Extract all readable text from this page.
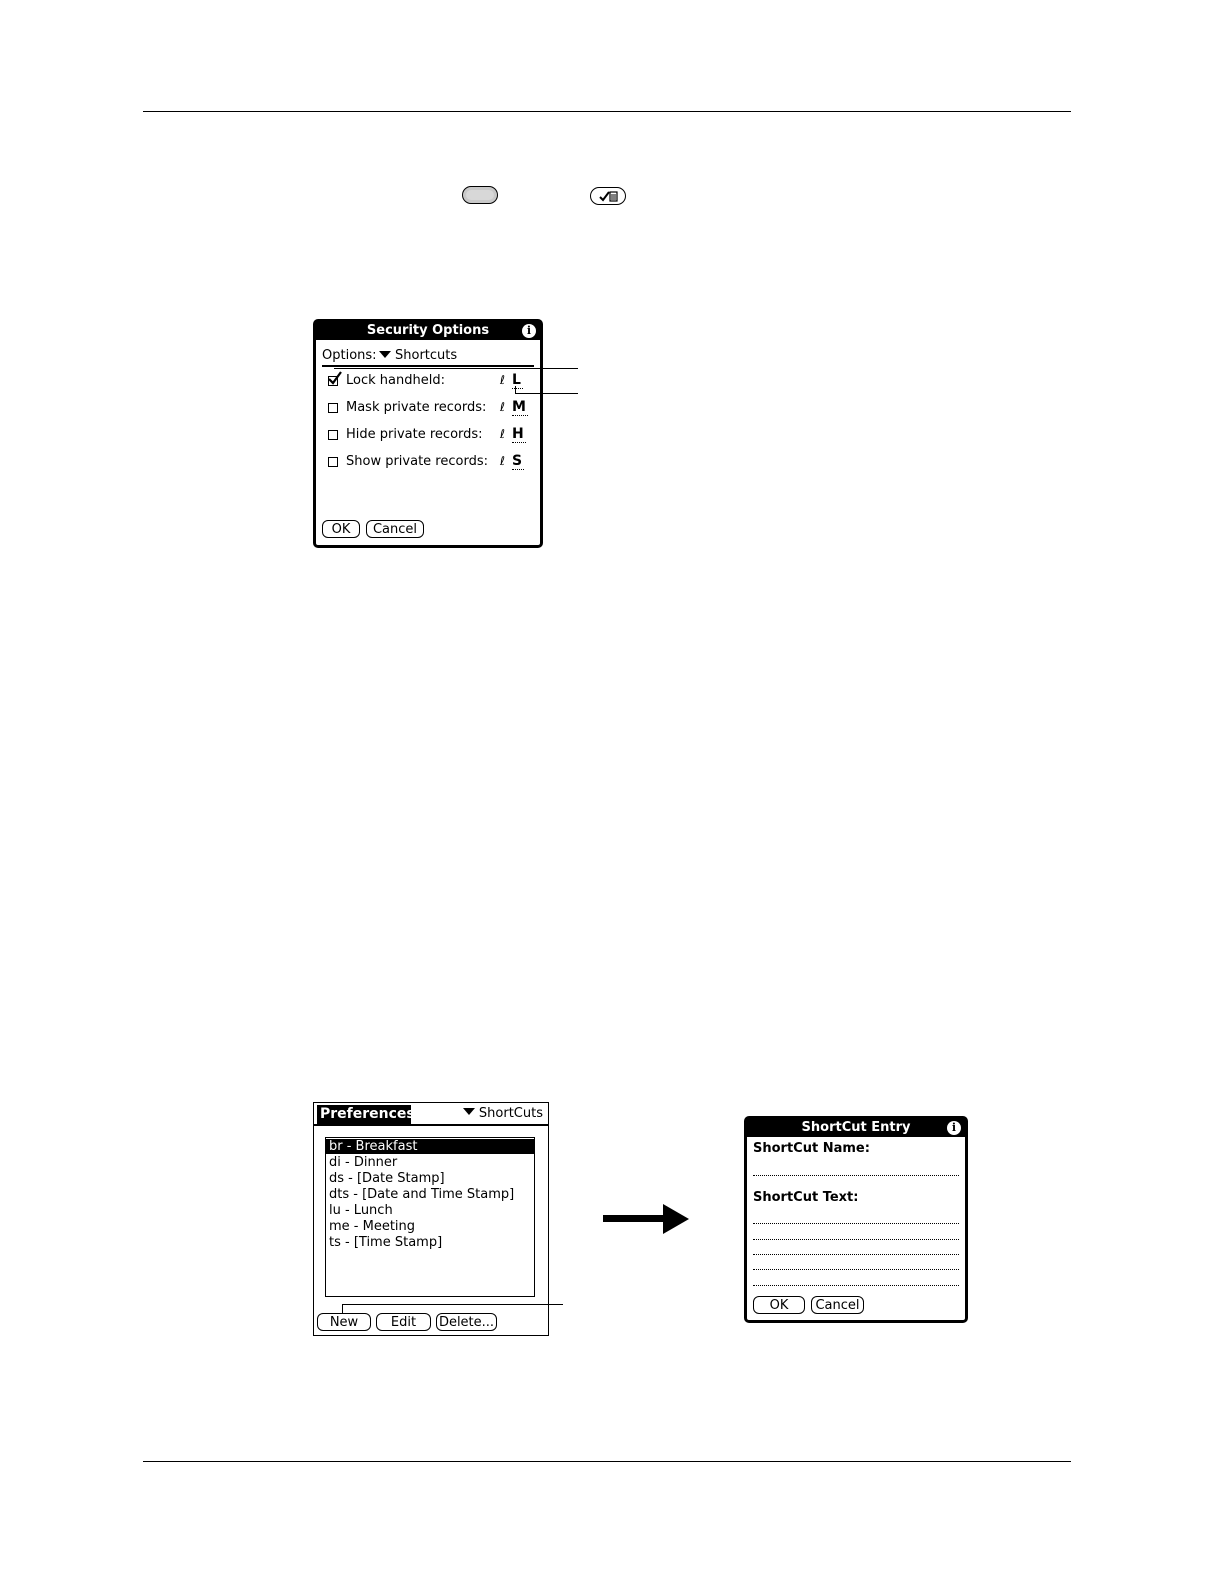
Security Options	i
Options: Shortcuts
Lock handheld:	ℓ L
Mask private records: ℓ M
Hide private records: ℓ H
Show private records: ℓ S
OK	Cancel
Preferences	ShortCuts
br - Breakfast
di - Dinner
ds - [Date Stamp]
dts - [Date and Time Stamp]
lu - Lunch
me - Meeting
ts - [Time Stamp]
New	Edit	Delete...
ShortCut Entry	i
ShortCut Name:
ShortCut Text:
OK	Cancel
